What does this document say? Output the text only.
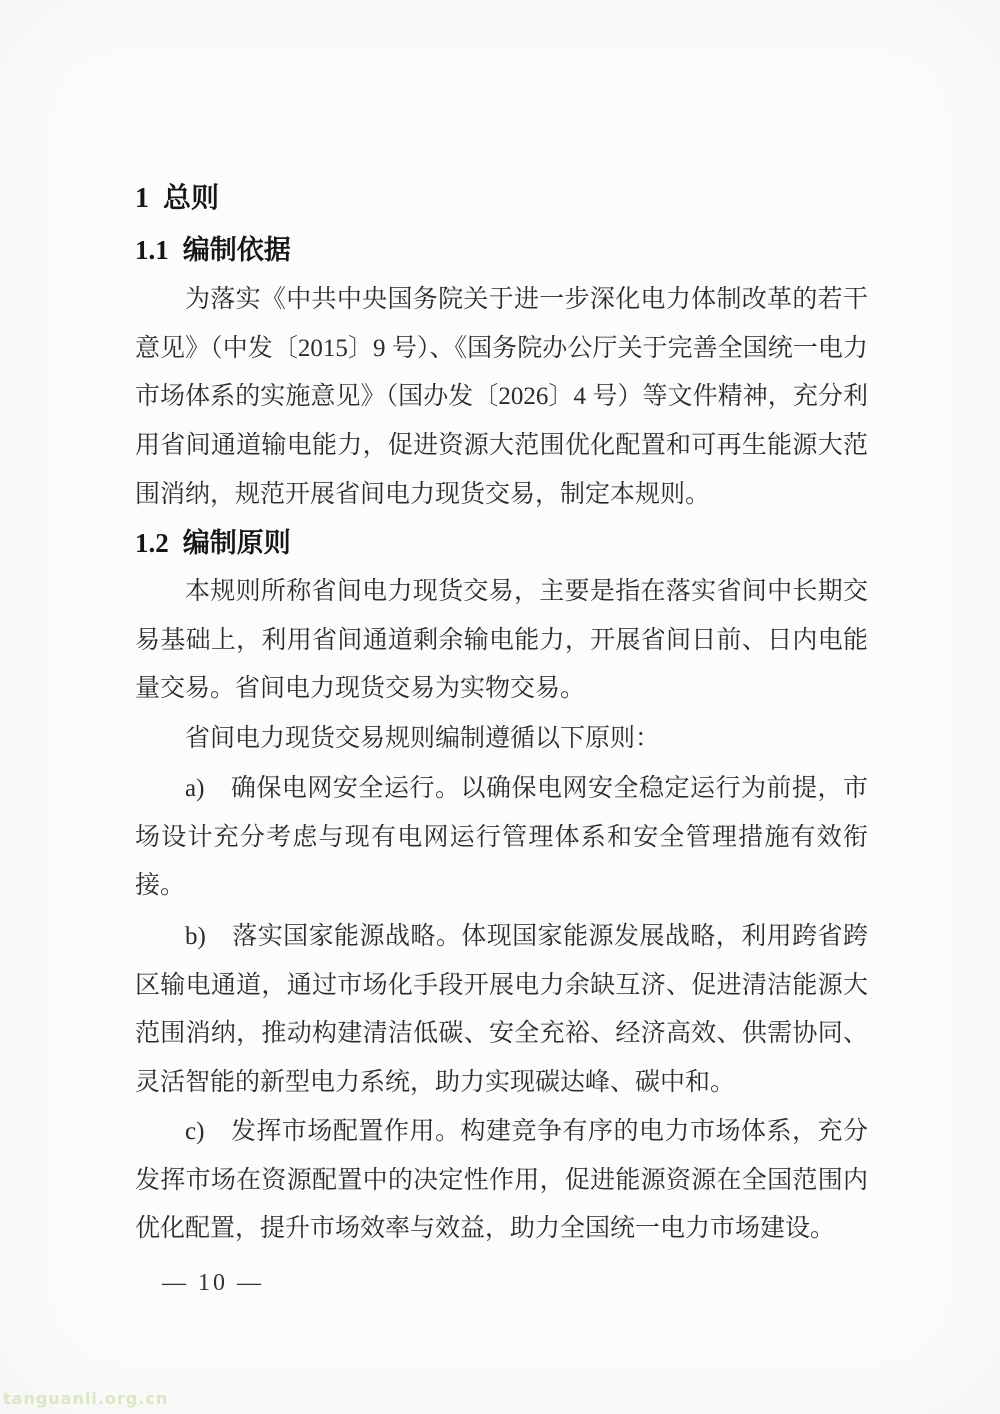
1 总则
1.1 编制依据

为落实《中共中央国务院关于进一步深化电力体制改革的若干意见》（中发〔2015〕9 号）、《国务院办公厅关于完善全国统一电力市场体系的实施意见》（国办发〔2026〕4 号）等文件精神，充分利用省间通道输电能力，促进资源大范围优化配置和可再生能源大范围消纳，规范开展省间电力现货交易，制定本规则。

1.2 编制原则

本规则所称省间电力现货交易，主要是指在落实省间中长期交易基础上，利用省间通道剩余输电能力，开展省间日前、日内电能量交易。省间电力现货交易为实物交易。

省间电力现货交易规则编制遵循以下原则：

a) 确保电网安全运行。以确保电网安全稳定运行为前提，市场设计充分考虑与现有电网运行管理体系和安全管理措施有效衔接。

b) 落实国家能源战略。体现国家能源发展战略，利用跨省跨区输电通道，通过市场化手段开展电力余缺互济、促进清洁能源大范围消纳，推动构建清洁低碳、安全充裕、经济高效、供需协同、灵活智能的新型电力系统，助力实现碳达峰、碳中和。

c) 发挥市场配置作用。构建竞争有序的电力市场体系，充分发挥市场在资源配置中的决定性作用，促进能源资源在全国范围内优化配置，提升市场效率与效益，助力全国统一电力市场建设。

— 10 —
tanguanli.org.cn
